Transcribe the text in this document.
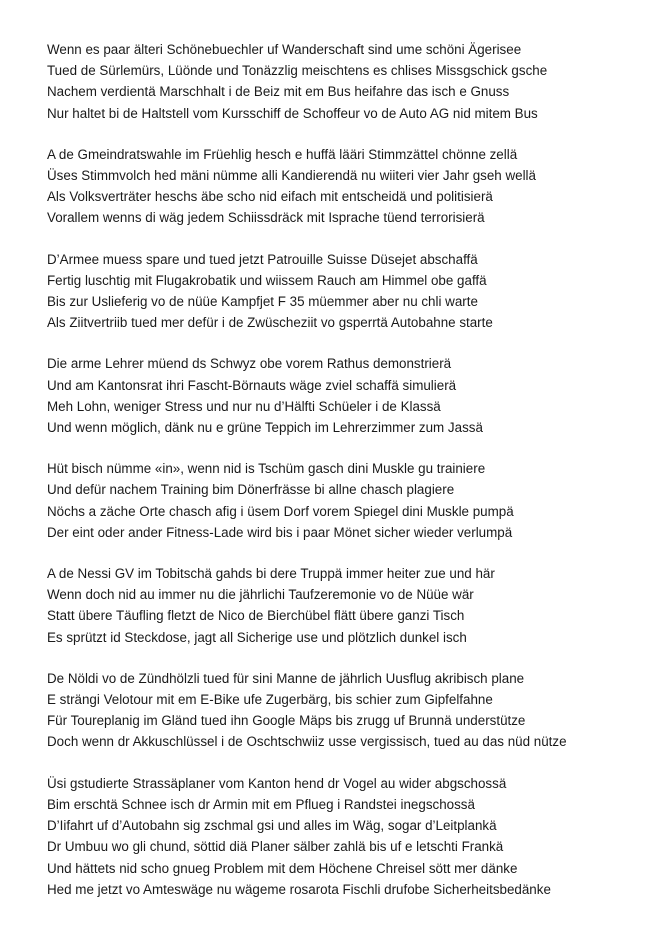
Wenn es paar älteri Schönebuechler uf Wanderschaft sind ume schöni Ägerisee
Tued de Sürlemürs, Lüönde und Tonäzzlig meischtens es chlises Missgschick gsche
Nachem verdientä Marschhalt i de Beiz mit em Bus heifahre das isch e Gnuss
Nur haltet bi de Haltstell vom Kursschiff de Schoffeur vo de Auto AG nid mitem Bus
A de Gmeindratswahle im Früehlig hesch e huffä lääri Stimmzättel chönne zellä
Üses Stimmvolch hed mäni nümme alli Kandierendä nu wiiteri vier Jahr gseh wellä
Als Volksverträter heschs äbe scho nid eifach mit entscheidä und politisierä
Vorallem wenns di wäg jedem Schiissdräck mit Isprache tüend terrorisierä
D’Armee muess spare und tued jetzt Patrouille Suisse Düsejet abschaffä
Fertig luschtig mit Flugakrobatik und wiissem Rauch am Himmel obe gaffä
Bis zur Uslieferig vo de nüüe Kampfjet F 35 müemmer aber nu chli warte
Als Ziitvertriib tued mer defür i de Zwüscheziit vo gsperrtä Autobahne starte
Die arme Lehrer müend ds Schwyz obe vorem Rathus demonstrierä
Und am Kantonsrat ihri Fascht-Börnauts wäge zviel schaffä simulierä
Meh Lohn, weniger Stress und nur nu d’Hälfti Schüeler i de Klassä
Und wenn möglich, dänk nu e grüne Teppich im Lehrerzimmer zum Jassä
Hüt bisch nümme «in», wenn nid is Tschüm gasch dini Muskle gu trainiere
Und defür nachem Training bim Dönerfrässe bi allne chasch plagiere
Nöchs a zäche Orte chasch afig i üsem Dorf vorem Spiegel dini Muskle pumpä
Der eint oder ander Fitness-Lade wird bis i paar Mönet sicher wieder verlumpä
A de Nessi GV im Tobitschä gahds bi dere Truppä immer heiter zue und här
Wenn doch nid au immer nu die jährlichi Taufzeremonie vo de Nüüe wär
Statt übere Täufling fletzt de Nico de Bierchübel flätt übere ganzi Tisch
Es sprützt id Steckdose, jagt all Sicherige use und plötzlich dunkel isch
De Nöldi vo de Zündhölzli tued für sini Manne de jährlich Uusflug akribisch plane
E strängi Velotour mit em E-Bike ufe Zugerbärg, bis schier zum Gipfelfahne
Für Toureplanig im Gländ tued ihn Google Mäps bis zrugg uf Brunnä understütze
Doch wenn dr Akkuschlüssel i de Oschtschwiiz usse vergissisch, tued au das nüd nütze
Üsi gstudierte Strassäplaner vom Kanton hend dr Vogel au wider abgschossä
Bim erschtä Schnee isch dr Armin mit em Pflueg i Randstei inegschossä
D’Iifahrt uf d’Autobahn sig zschmal gsi und alles im Wäg, sogar d’Leitplankä
Dr Umbuu wo gli chund, söttid diä Planer sälber zahlä bis uf e letschti Frankä
Und hättets nid scho gnueg Problem mit dem Höchene Chreisel sött mer dänke
Hed me jetzt vo Amteswäge nu wägeme rosarota Fischli drufobe Sicherheitsbedänke
